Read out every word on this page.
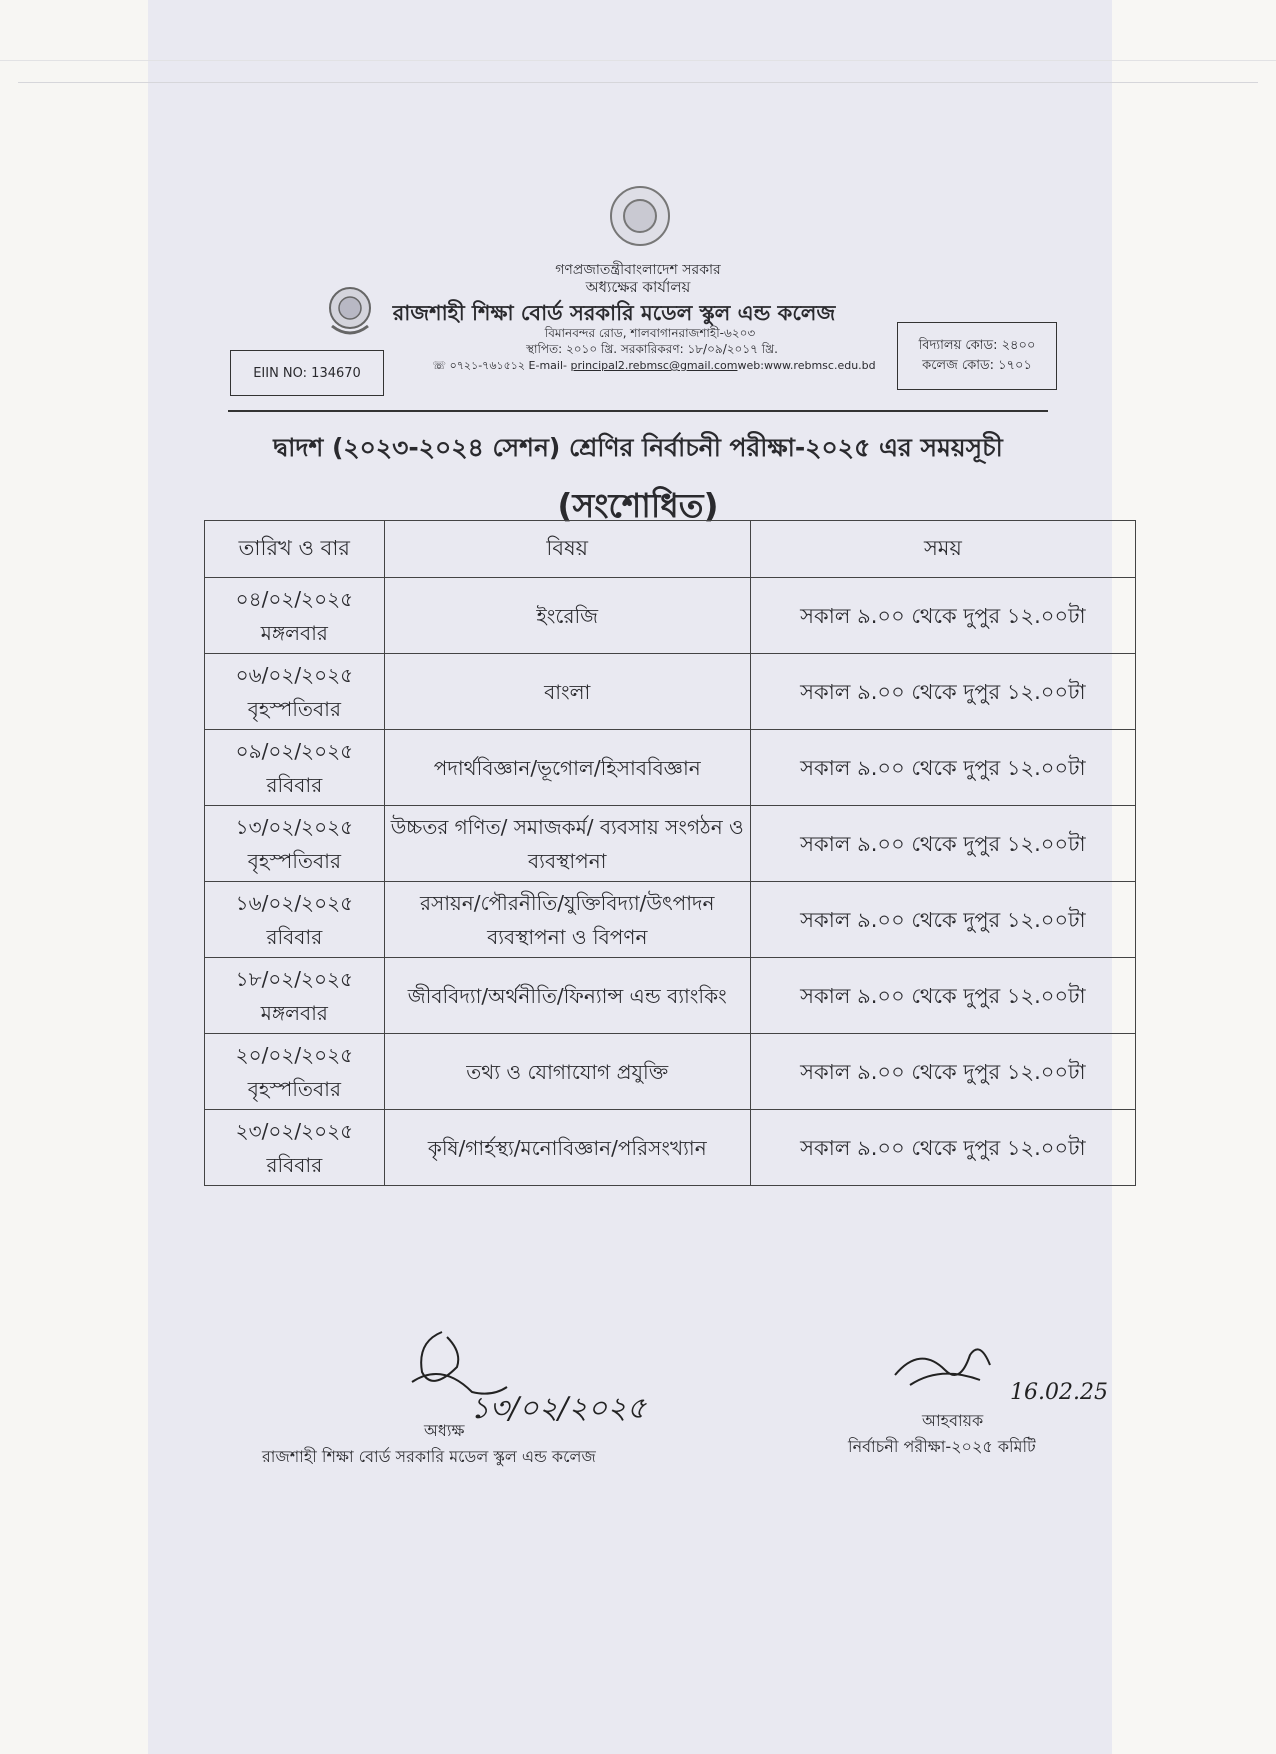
গণপ্রজাতন্ত্রীবাংলাদেশ সরকার
অধ্যক্ষের কার্যালয়
রাজশাহী শিক্ষা বোর্ড সরকারি মডেল স্কুল এন্ড কলেজ
বিমানবন্দর রোড, শালবাগানরাজশাহী-৬২০৩
স্থাপিত: ২০১০ খ্রি. সরকারিকরণ: ১৮/০৯/২০১৭ খ্রি.
☏ ০৭২১-৭৬১৫১২ E-mail- principal2.rebmsc@gmail.comweb:www.rebmsc.edu.bd
EIIN NO: 134670
বিদ্যালয় কোড: ২৪০০
কলেজ কোড: ১৭০১
দ্বাদশ (২০২৩-২০২৪ সেশন) শ্রেণির নির্বাচনী পরীক্ষা-২০২৫ এর সময়সূচী
(সংশোধিত)
তারিখ ও বার	বিষয়	সময়

০৪/০২/২০২৫
মঙ্গলবার	ইংরেজি	সকাল ৯.০০ থেকে দুপুর ১২.০০টা

০৬/০২/২০২৫
বৃহস্পতিবার	বাংলা	সকাল ৯.০০ থেকে দুপুর ১২.০০টা

০৯/০২/২০২৫
রবিবার	পদার্থবিজ্ঞান/ভূগোল/হিসাববিজ্ঞান	সকাল ৯.০০ থেকে দুপুর ১২.০০টা

১৩/০২/২০২৫
বৃহস্পতিবার	উচ্চতর গণিত/ সমাজকর্ম/ ব্যবসায় সংগঠন ও ব্যবস্থাপনা	সকাল ৯.০০ থেকে দুপুর ১২.০০টা

১৬/০২/২০২৫
রবিবার	রসায়ন/পৌরনীতি/যুক্তিবিদ্যা/উৎপাদন ব্যবস্থাপনা ও বিপণন	সকাল ৯.০০ থেকে দুপুর ১২.০০টা

১৮/০২/২০২৫
মঙ্গলবার	জীববিদ্যা/অর্থনীতি/ফিন্যান্স এন্ড ব্যাংকিং	সকাল ৯.০০ থেকে দুপুর ১২.০০টা

২০/০২/২০২৫
বৃহস্পতিবার	তথ্য ও যোগাযোগ প্রযুক্তি	সকাল ৯.০০ থেকে দুপুর ১২.০০টা

২৩/০২/২০২৫
রবিবার	কৃষি/গার্হস্থ্য/মনোবিজ্ঞান/পরিসংখ্যান	সকাল ৯.০০ থেকে দুপুর ১২.০০টা
১৩/০২/২০২৫	16.02.25
অধ্যক্ষ
রাজশাহী শিক্ষা বোর্ড সরকারি মডেল স্কুল এন্ড কলেজ
আহবায়ক
নির্বাচনী পরীক্ষা-২০২৫ কমিটি
